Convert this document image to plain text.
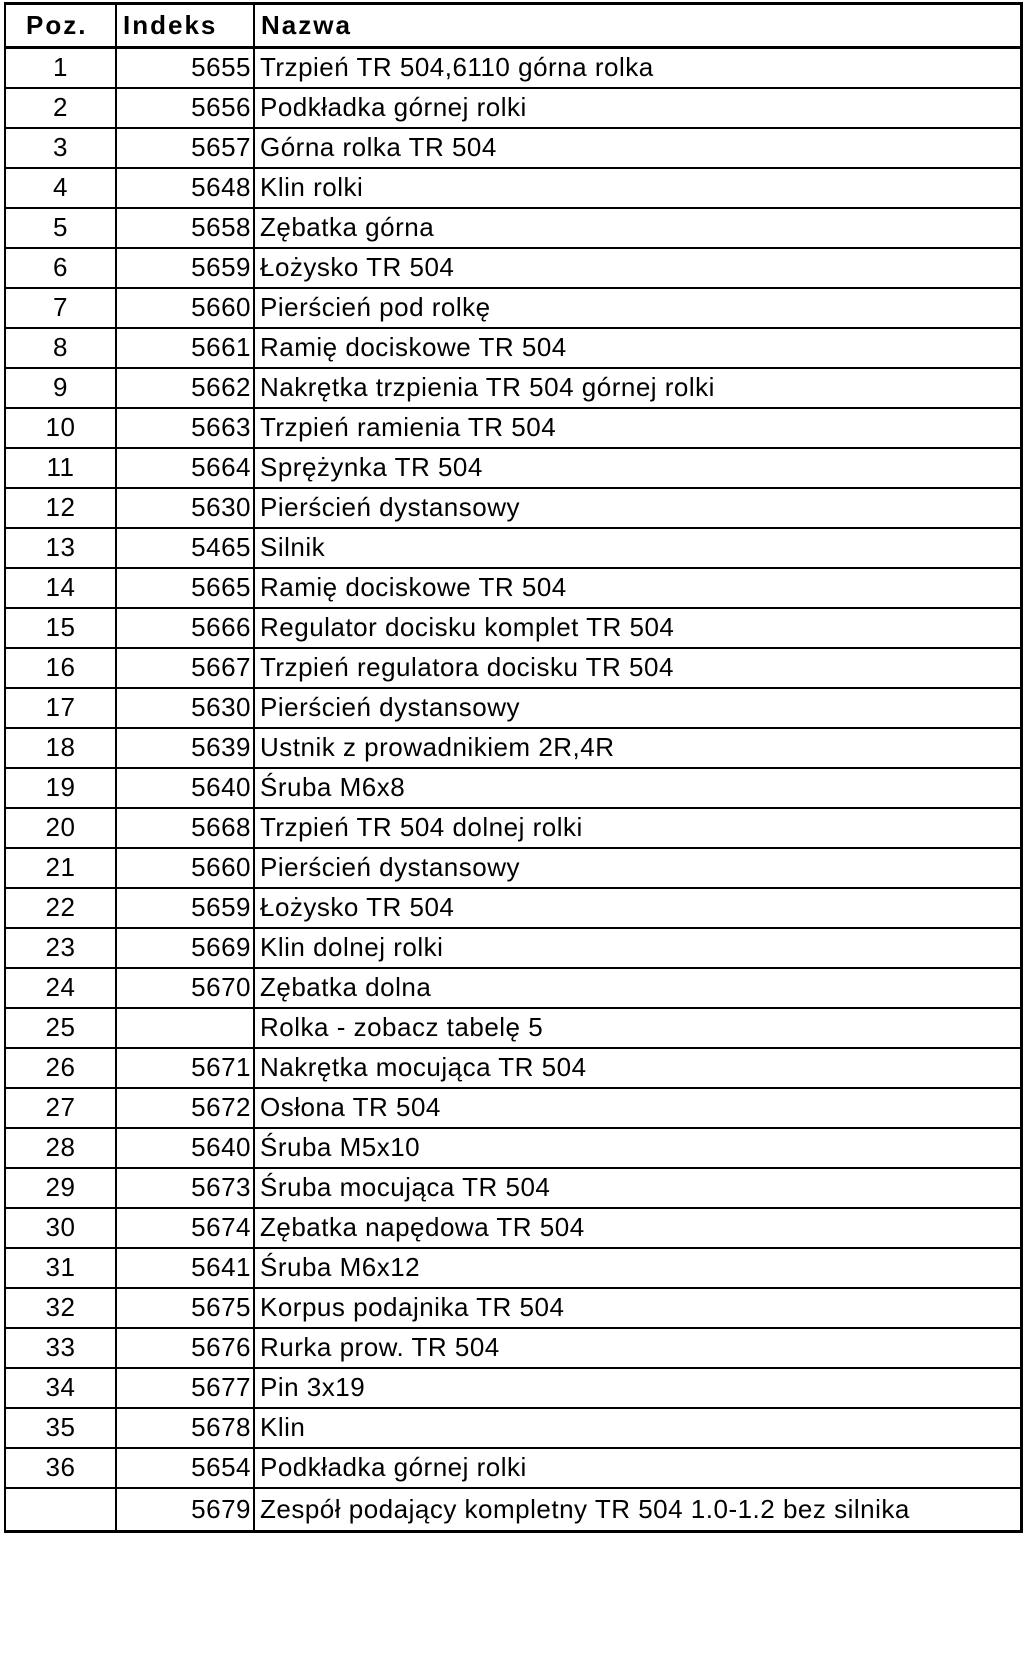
Poz.	Indeks	Nazwa
1	5655	Trzpień TR 504,6110 górna rolka
2	5656	Podkładka górnej rolki
3	5657	Górna rolka TR 504
4	5648	Klin rolki
5	5658	Zębatka górna
6	5659	Łożysko TR 504
7	5660	Pierścień pod rolkę
8	5661	Ramię dociskowe TR 504
9	5662	Nakrętka trzpienia TR 504 górnej rolki
10	5663	Trzpień ramienia TR 504
11	5664	Sprężynka TR 504
12	5630	Pierścień dystansowy
13	5465	Silnik
14	5665	Ramię dociskowe TR 504
15	5666	Regulator docisku komplet TR 504
16	5667	Trzpień regulatora docisku TR 504
17	5630	Pierścień dystansowy
18	5639	Ustnik z prowadnikiem 2R,4R
19	5640	Śruba M6x8
20	5668	Trzpień TR 504 dolnej rolki
21	5660	Pierścień dystansowy
22	5659	Łożysko TR 504
23	5669	Klin dolnej rolki
24	5670	Zębatka dolna
25		Rolka - zobacz tabelę 5
26	5671	Nakrętka mocująca TR 504
27	5672	Osłona TR 504
28	5640	Śruba M5x10
29	5673	Śruba mocująca TR 504
30	5674	Zębatka napędowa TR 504
31	5641	Śruba M6x12
32	5675	Korpus podajnika TR 504
33	5676	Rurka prow. TR 504
34	5677	Pin 3x19
35	5678	Klin
36	5654	Podkładka górnej rolki
	5679	Zespół podający kompletny TR 504 1.0-1.2 bez silnika
